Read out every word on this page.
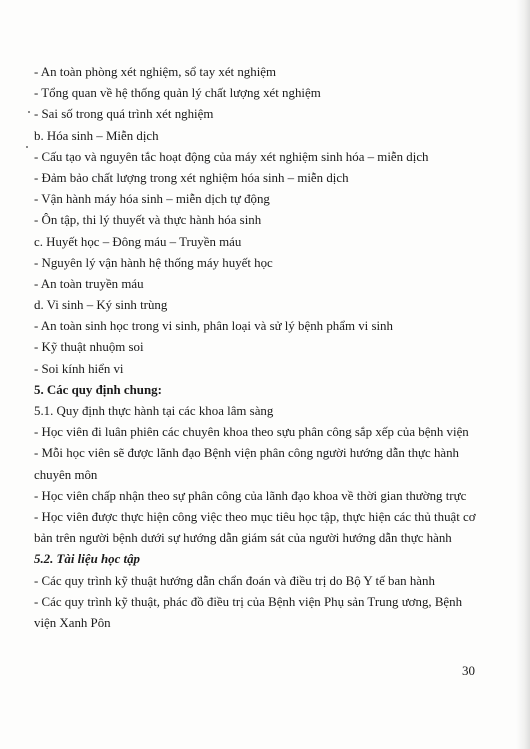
- An toàn phòng xét nghiệm, sổ tay xét nghiệm
- Tổng quan về hệ thống quản lý chất lượng xét nghiệm
- Sai số trong quá trình xét nghiệm
b. Hóa sinh – Miễn dịch
- Cấu tạo và nguyên tắc hoạt động của máy xét nghiệm sinh hóa – miễn dịch
- Đảm bảo chất lượng trong xét nghiệm hóa sinh – miễn dịch
- Vận hành máy hóa sinh – miễn dịch tự động
- Ôn tập, thi lý thuyết và thực hành hóa sinh
c. Huyết học – Đông máu – Truyền máu
- Nguyên lý vận hành hệ thống máy huyết học
- An toàn truyền máu
d. Vi sinh – Ký sinh trùng
- An toàn sinh học trong vi sinh, phân loại và sử lý bệnh phẩm vi sinh
- Kỹ thuật nhuộm soi
- Soi kính hiển vi
5. Các quy định chung:
5.1. Quy định thực hành tại các khoa lâm sàng
- Học viên đi luân phiên các chuyên khoa theo sựu phân công sắp xếp của bệnh viện
- Mỗi học viên sẽ được lãnh đạo Bệnh viện phân công người hướng dẫn thực hành
chuyên môn
- Học viên chấp nhận theo sự phân công của lãnh đạo khoa về thời gian thường trực
- Học viên được thực hiện công việc theo mục tiêu học tập, thực hiện các thủ thuật cơ
bản trên người bệnh dưới sự hướng dẫn giám sát của người hướng dẫn thực hành
5.2. Tài liệu học tập
- Các quy trình kỹ thuật hướng dẫn chẩn đoán và điều trị do Bộ Y tế ban hành
- Các quy trình kỹ thuật, phác đồ điều trị của Bệnh viện Phụ sản Trung ương, Bệnh
viện Xanh Pôn
30
